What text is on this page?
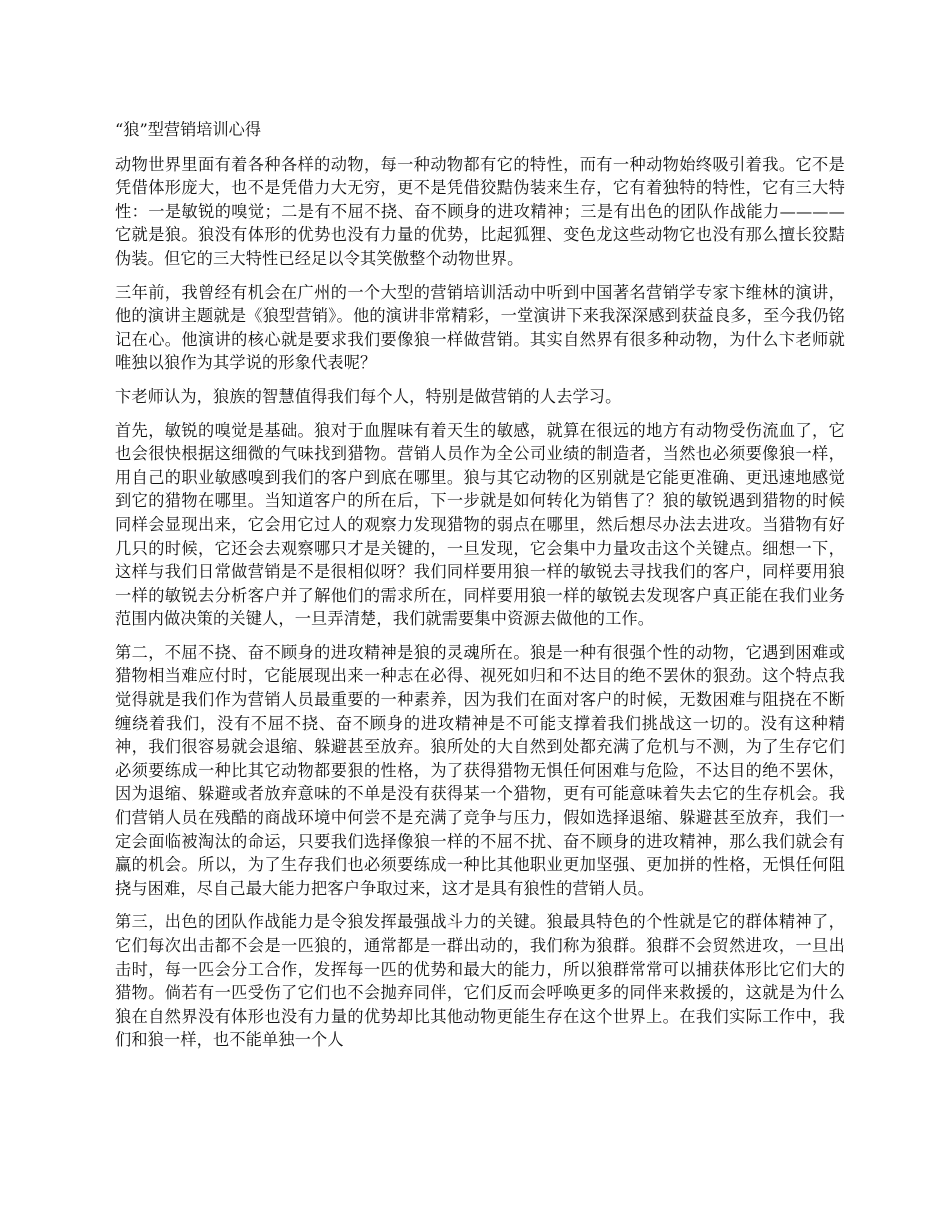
“狼”型营销培训心得

动物世界里面有着各种各样的动物，每一种动物都有它的特性，而有一种动物始终吸引着我。它不是凭借体形庞大，也不是凭借力大无穷，更不是凭借狡黠伪装来生存，它有着独特的特性，它有三大特性：一是敏锐的嗅觉；二是有不屈不挠、奋不顾身的进攻精神；三是有出色的团队作战能力————它就是狼。狼没有体形的优势也没有力量的优势，比起狐狸、变色龙这些动物它也没有那么擅长狡黠伪装。但它的三大特性已经足以令其笑傲整个动物世界。

三年前，我曾经有机会在广州的一个大型的营销培训活动中听到中国著名营销学专家卞维林的演讲，他的演讲主题就是《狼型营销》。他的演讲非常精彩，一堂演讲下来我深深感到获益良多，至今我仍铭记在心。他演讲的核心就是要求我们要像狼一样做营销。其实自然界有很多种动物，为什么卞老师就唯独以狼作为其学说的形象代表呢？

卞老师认为，狼族的智慧值得我们每个人，特别是做营销的人去学习。

首先，敏锐的嗅觉是基础。狼对于血腥味有着天生的敏感，就算在很远的地方有动物受伤流血了，它也会很快根据这细微的气味找到猎物。营销人员作为全公司业绩的制造者，当然也必须要像狼一样，用自己的职业敏感嗅到我们的客户到底在哪里。狼与其它动物的区别就是它能更准确、更迅速地感觉到它的猎物在哪里。当知道客户的所在后，下一步就是如何转化为销售了？狼的敏锐遇到猎物的时候同样会显现出来，它会用它过人的观察力发现猎物的弱点在哪里，然后想尽办法去进攻。当猎物有好几只的时候，它还会去观察哪只才是关键的，一旦发现，它会集中力量攻击这个关键点。细想一下，这样与我们日常做营销是不是很相似呀？我们同样要用狼一样的敏锐去寻找我们的客户，同样要用狼一样的敏锐去分析客户并了解他们的需求所在，同样要用狼一样的敏锐去发现客户真正能在我们业务范围内做决策的关键人，一旦弄清楚，我们就需要集中资源去做他的工作。

第二，不屈不挠、奋不顾身的进攻精神是狼的灵魂所在。狼是一种有很强个性的动物，它遇到困难或猎物相当难应付时，它能展现出来一种志在必得、视死如归和不达目的绝不罢休的狠劲。这个特点我觉得就是我们作为营销人员最重要的一种素养，因为我们在面对客户的时候，无数困难与阻挠在不断缠绕着我们，没有不屈不挠、奋不顾身的进攻精神是不可能支撑着我们挑战这一切的。没有这种精神，我们很容易就会退缩、躲避甚至放弃。狼所处的大自然到处都充满了危机与不测，为了生存它们必须要练成一种比其它动物都要狠的性格，为了获得猎物无惧任何困难与危险，不达目的绝不罢休，因为退缩、躲避或者放弃意味的不单是没有获得某一个猎物，更有可能意味着失去它的生存机会。我们营销人员在残酷的商战环境中何尝不是充满了竞争与压力，假如选择退缩、躲避甚至放弃，我们一定会面临被淘汰的命运，只要我们选择像狼一样的不屈不扰、奋不顾身的进攻精神，那么我们就会有赢的机会。所以，为了生存我们也必须要练成一种比其他职业更加坚强、更加拼的性格，无惧任何阻挠与困难，尽自己最大能力把客户争取过来，这才是具有狼性的营销人员。

第三，出色的团队作战能力是令狼发挥最强战斗力的关键。狼最具特色的个性就是它的群体精神了，它们每次出击都不会是一匹狼的，通常都是一群出动的，我们称为狼群。狼群不会贸然进攻，一旦出击时，每一匹会分工合作，发挥每一匹的优势和最大的能力，所以狼群常常可以捕获体形比它们大的猎物。倘若有一匹受伤了它们也不会抛弃同伴，它们反而会呼唤更多的同伴来救援的，这就是为什么狼在自然界没有体形也没有力量的优势却比其他动物更能生存在这个世界上。在我们实际工作中，我们和狼一样，也不能单独一个人
